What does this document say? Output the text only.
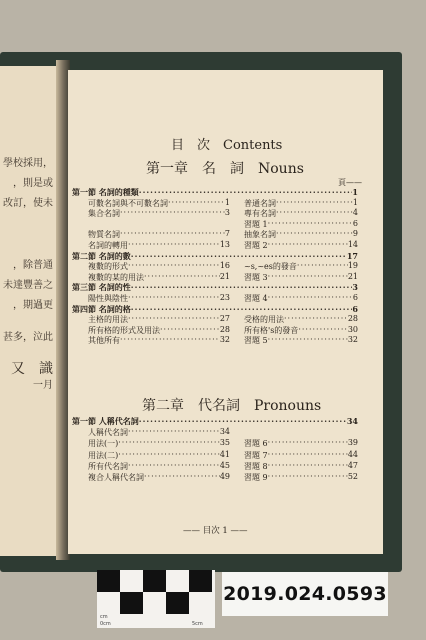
學校採用，
，則是或
改訂，使未
，除普通
未達豐善之
，期過更
甚多，泣此
又　識
一月
目　次　Contents
第一章　名　詞　Nouns
頁——
第一節
名詞的種類 ·····	1
可數名詞與不可數名詞 ·····	1 普通名詞 ·····	1
集合名詞 ·····	3 專有名詞 ·····	4
習題 1 ·····	6
物質名詞 ·····	7 抽象名詞 ·····	9
名詞的轉用 ·····	13 習題 2 ·····	14
第二節
名詞的數 ·····	17
複數的形式 ·····	16 ~s,~es的發音 ·····	19
複數的某的用法 ·····	21 習題 3 ·····	21
第三節
名詞的性 ·····	3
陽性與陰性 ·····	23 習題 4 ·····	6
第四節
名詞的格 ·····	6
主格的用法 ·····	27 受格的用法 ·····	28
所有格的形式及用法 ·····	28 所有格's的發音 ·····	30
其他所有 ·····	32 習題 5 ·····	32
第二章　代名詞　Pronouns
第一節
人稱代名詞 ·····	34
人稱代名詞 ·····	34
用法(一) ·····	35 習題 6 ·····	39
用法(二) ·····	41 習題 7 ·····	44
所有代名詞 ·····	45 習題 8 ·····	47
複合人稱代名詞 ·····	49 習題 9 ·····	52
—— 目次 1 ——
cm
0cm	5cm
2019.024.0593
